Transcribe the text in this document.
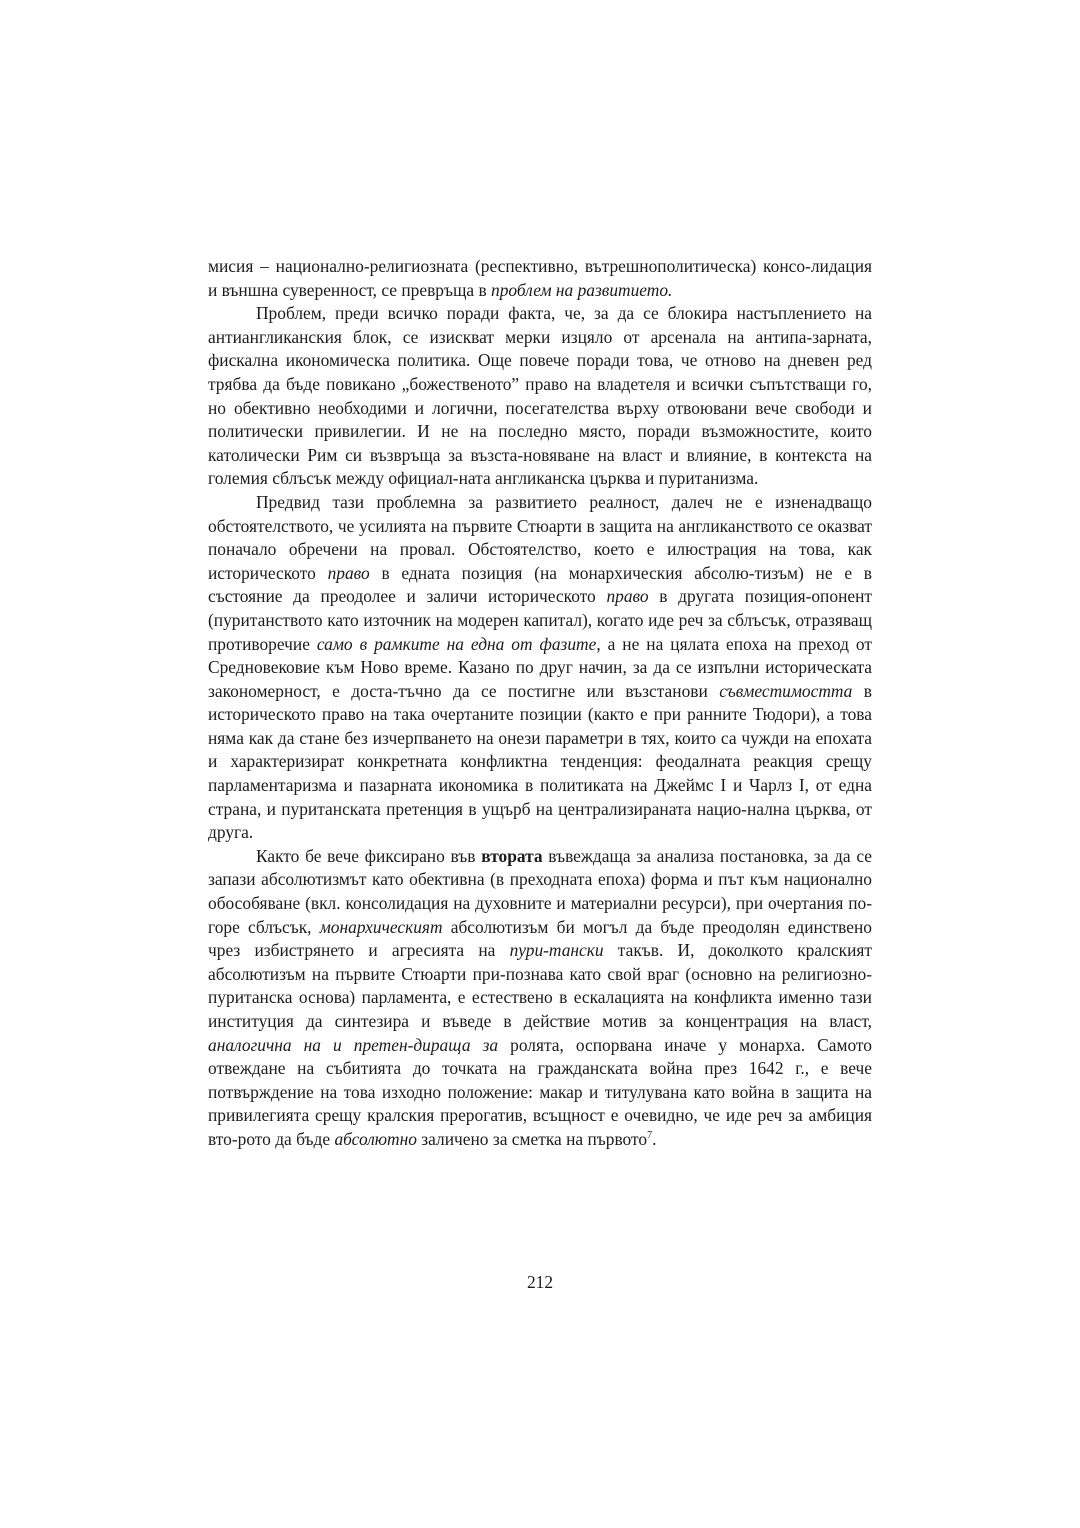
мисия – национално-религиозната (респективно, вътрешнополитическа) консо-лидация и външна суверенност, се превръща в проблем на развитието.

Проблем, преди всичко поради факта, че, за да се блокира настъплението на антиангликанския блок, се изискват мерки изцяло от арсенала на антипа-зарната, фискална икономическа политика. Още повече поради това, че отново на дневен ред трябва да бъде повикано „божественото” право на владетеля и всички съпътстващи го, но обективно необходими и логични, посегателства върху отвоювани вече свободи и политически привилегии. И не на последно място, поради възможностите, които католически Рим си възвръща за възста-новяване на власт и влияние, в контекста на големия сблъсък между официал-ната англиканска църква и пуританизма.

Предвид тази проблемна за развитието реалност, далеч не е изненадващо обстоятелството, че усилията на първите Стюарти в защита на англиканството се оказват поначало обречени на провал. Обстоятелство, което е илюстрация на това, как историческото право в едната позиция (на монархическия абсолю-тизъм) не е в състояние да преодолее и заличи историческото право в другата позиция-опонент (пуританството като източник на модерен капитал), когато иде реч за сблъсък, отразяващ противоречие само в рамките на една от фазите, а не на цялата епоха на преход от Средновековие към Ново време. Казано по друг начин, за да се изпълни историческата закономерност, е доста-тъчно да се постигне или възстанови съвместимостта в историческото право на така очертаните позиции (както е при ранните Тюдори), а това няма как да стане без изчерпването на онези параметри в тях, които са чужди на епохата и характеризират конкретната конфликтна тенденция: феодалната реакция срещу парламентаризма и пазарната икономика в политиката на Джеймс I и Чарлз I, от една страна, и пуританската претенция в ущърб на централизираната нацио-нална църква, от друга.

Както бе вече фиксирано във втората въвеждаща за анализа постановка, за да се запази абсолютизмът като обективна (в преходната епоха) форма и път към национално обособяване (вкл. консолидация на духовните и материални ресурси), при очертания по-горе сблъсък, монархическият абсолютизъм би могъл да бъде преодолян единствено чрез избистрянето и агресията на пури-тански такъв. И, доколкото кралският абсолютизъм на първите Стюарти при-познава като свой враг (основно на религиозно-пуританска основа) парламента, е естествено в ескалацията на конфликта именно тази институция да синтезира и въведе в действие мотив за концентрация на власт, аналогична на и претен-дираща за ролята, оспорвана иначе у монарха. Самото отвеждане на събитията до точката на гражданската война през 1642 г., е вече потвърждение на това изходно положение: макар и титулувана като война в защита на привилегията срещу кралския прерогатив, всъщност е очевидно, че иде реч за амбиция вто-рото да бъде абсолютно заличено за сметка на първото$^7$.

212
